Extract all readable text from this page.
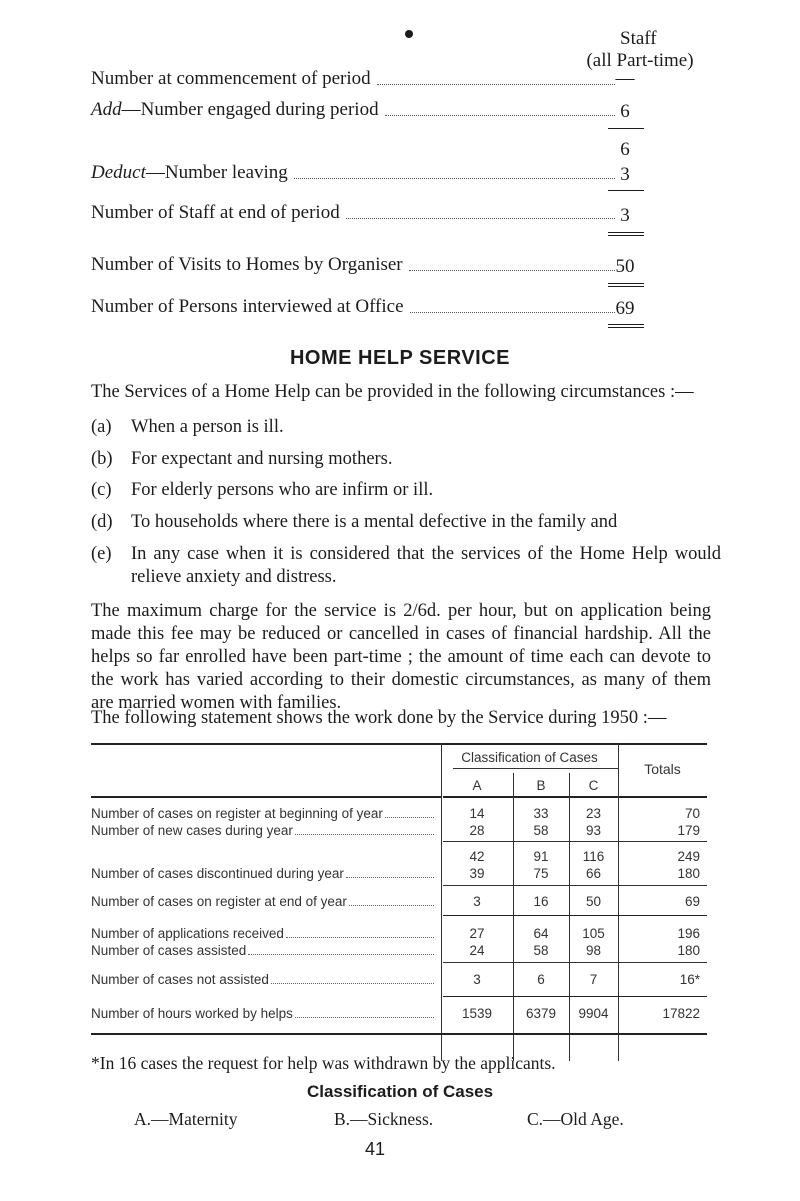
Staff
(all Part-time)
Number at commencement of period	—
Add—Number engaged during period	6
6
Deduct—Number leaving	3
Number of Staff at end of period	3
Number of Visits to Homes by Organiser	50
Number of Persons interviewed at Office	69
HOME HELP SERVICE
The Services of a Home Help can be provided in the following circumstances :—
(a)	When a person is ill.
(b) For expectant and nursing mothers.
(c)	For elderly persons who are infirm or ill.
(d) To households where there is a mental defective in the family and
(e)	In any case when it is considered that the services of the Home Help would relieve anxiety and distress.
The maximum charge for the service is 2/6d. per hour, but on application being made this fee may be reduced or cancelled in cases of financial hardship. All the helps so far enrolled have been part-time ; the amount of time each can devote to the work has varied according to their domestic circumstances, as many of them are married women with families.
The following statement shows the work done by the Service during 1950 :—
Classification of Cases
Totals
A	B	C
Number of cases on register at beginning of year	14	33	23	70
Number of new cases during year	28	58	93	179
42	91	116	249
Number of cases discontinued during year	39	75	66	180
Number of cases on register at end of year	3	16	50	69
Number of applications received	27	64	105	196
Number of cases assisted	24	58	98	180
Number of cases not assisted	3	6	7	16*
Number of hours worked by helps	1539	6379	9904	17822
*In 16 cases the request for help was withdrawn by the applicants.
Classification of Cases
A.—Maternity	B.—Sickness.	C.—Old Age.
41
